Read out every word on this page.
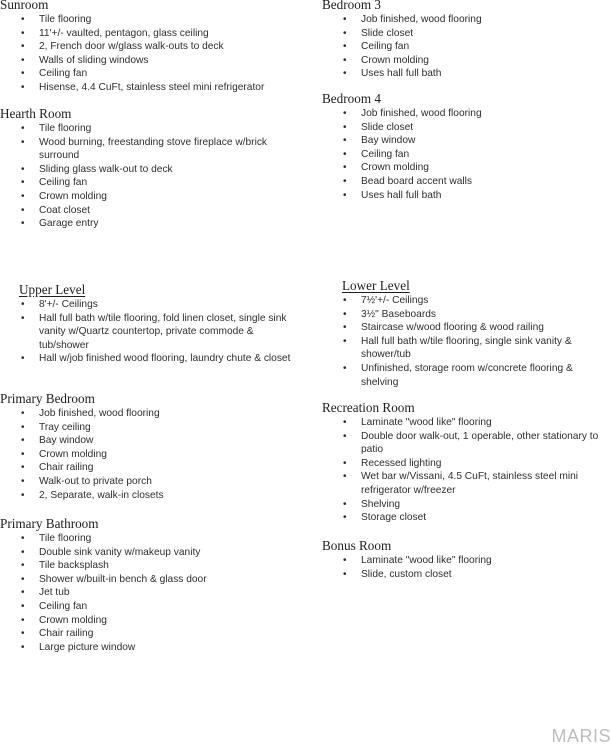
Sunroom
• Tile flooring
• 11'+/- vaulted, pentagon, glass ceiling
• 2, French door w/glass walk-outs to deck
• Walls of sliding windows
• Ceiling fan
• Hisense, 4.4 CuFt, stainless steel mini refrigerator
Hearth Room
• Tile flooring
• Wood burning, freestanding stove fireplace w/brick surround
• Sliding glass walk-out to deck
• Ceiling fan
• Crown molding
• Coat closet
• Garage entry
Upper Level
• 8'+/- Ceilings
• Hall full bath w/tile flooring, fold linen closet, single sink vanity w/Quartz countertop, private commode & tub/shower
• Hall w/job finished wood flooring, laundry chute & closet
Primary Bedroom
• Job finished, wood flooring
• Tray ceiling
• Bay window
• Crown molding
• Chair railing
• Walk-out to private porch
• 2, Separate, walk-in closets
Primary Bathroom
• Tile flooring
• Double sink vanity w/makeup vanity
• Tile backsplash
• Shower w/built-in bench & glass door
• Jet tub
• Ceiling fan
• Crown molding
• Chair railing
• Large picture window
Bedroom 3
• Job finished, wood flooring
• Slide closet
• Ceiling fan
• Crown molding
• Uses hall full bath
Bedroom 4
• Job finished, wood flooring
• Slide closet
• Bay window
• Ceiling fan
• Crown molding
• Bead board accent walls
• Uses hall full bath
Lower Level
• 7½'+/- Ceilings
• 3½" Baseboards
• Staircase w/wood flooring & wood railing
• Hall full bath w/tile flooring, single sink vanity & shower/tub
• Unfinished, storage room w/concrete flooring & shelving
Recreation Room
• Laminate "wood like" flooring
• Double door walk-out, 1 operable, other stationary to patio
• Recessed lighting
• Wet bar w/Vissani, 4.5 CuFt, stainless steel mini refrigerator w/freezer
• Shelving
• Storage closet
Bonus Room
• Laminate "wood like" flooring
• Slide, custom closet
MARIS
